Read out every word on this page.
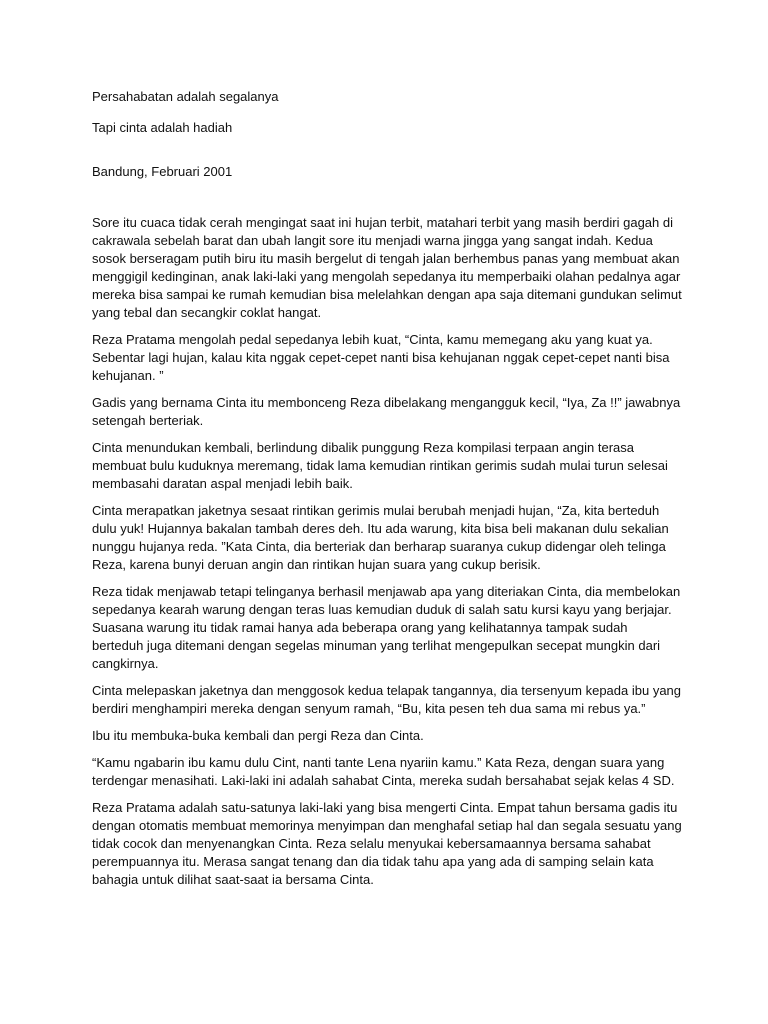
Persahabatan adalah segalanya

Tapi cinta adalah hadiah

Bandung, Februari 2001

Sore itu cuaca tidak cerah mengingat saat ini hujan terbit, matahari terbit yang masih berdiri gagah di cakrawala sebelah barat dan ubah langit sore itu menjadi warna jingga yang sangat indah. Kedua sosok berseragam putih biru itu masih bergelut di tengah jalan berhembus panas yang membuat akan menggigil kedinginan, anak laki-laki yang mengolah sepedanya itu memperbaiki olahan pedalnya agar mereka bisa sampai ke rumah kemudian bisa melelahkan dengan apa saja ditemani gundukan selimut yang tebal dan secangkir coklat hangat.

Reza Pratama mengolah pedal sepedanya lebih kuat, “Cinta, kamu memegang aku yang kuat ya. Sebentar lagi hujan, kalau kita nggak cepet-cepet nanti bisa kehujanan nggak cepet-cepet nanti bisa kehujanan. ”

Gadis yang bernama Cinta itu membonceng Reza dibelakang mengangguk kecil, “Iya, Za !!” jawabnya setengah berteriak.

Cinta menundukan kembali, berlindung dibalik punggung Reza kompilasi terpaan angin terasa membuat bulu kuduknya meremang, tidak lama kemudian rintikan gerimis sudah mulai turun selesai membasahi daratan aspal menjadi lebih baik.

Cinta merapatkan jaketnya sesaat rintikan gerimis mulai berubah menjadi hujan, “Za, kita berteduh dulu yuk! Hujannya bakalan tambah deres deh. Itu ada warung, kita bisa beli makanan dulu sekalian nunggu hujanya reda. ”Kata Cinta, dia berteriak dan berharap suaranya cukup didengar oleh telinga Reza, karena bunyi deruan angin dan rintikan hujan suara yang cukup berisik.

Reza tidak menjawab tetapi telinganya berhasil menjawab apa yang diteriakan Cinta, dia membelokan sepedanya kearah warung dengan teras luas kemudian duduk di salah satu kursi kayu yang berjajar. Suasana warung itu tidak ramai hanya ada beberapa orang yang kelihatannya tampak sudah berteduh juga ditemani dengan segelas minuman yang terlihat mengepulkan secepat mungkin dari cangkirnya.

Cinta melepaskan jaketnya dan menggosok kedua telapak tangannya, dia tersenyum kepada ibu yang berdiri menghampiri mereka dengan senyum ramah, “Bu, kita pesen teh dua sama mi rebus ya.”

Ibu itu membuka-buka kembali dan pergi Reza dan Cinta.

“Kamu ngabarin ibu kamu dulu Cint, nanti tante Lena nyariin kamu.” Kata Reza, dengan suara yang terdengar menasihati. Laki-laki ini adalah sahabat Cinta, mereka sudah bersahabat sejak kelas 4 SD.

Reza Pratama adalah satu-satunya laki-laki yang bisa mengerti Cinta. Empat tahun bersama gadis itu dengan otomatis membuat memorinya menyimpan dan menghafal setiap hal dan segala sesuatu yang tidak cocok dan menyenangkan Cinta. Reza selalu menyukai kebersamaannya bersama sahabat perempuannya itu. Merasa sangat tenang dan dia tidak tahu apa yang ada di samping selain kata bahagia untuk dilihat saat-saat ia bersama Cinta.
